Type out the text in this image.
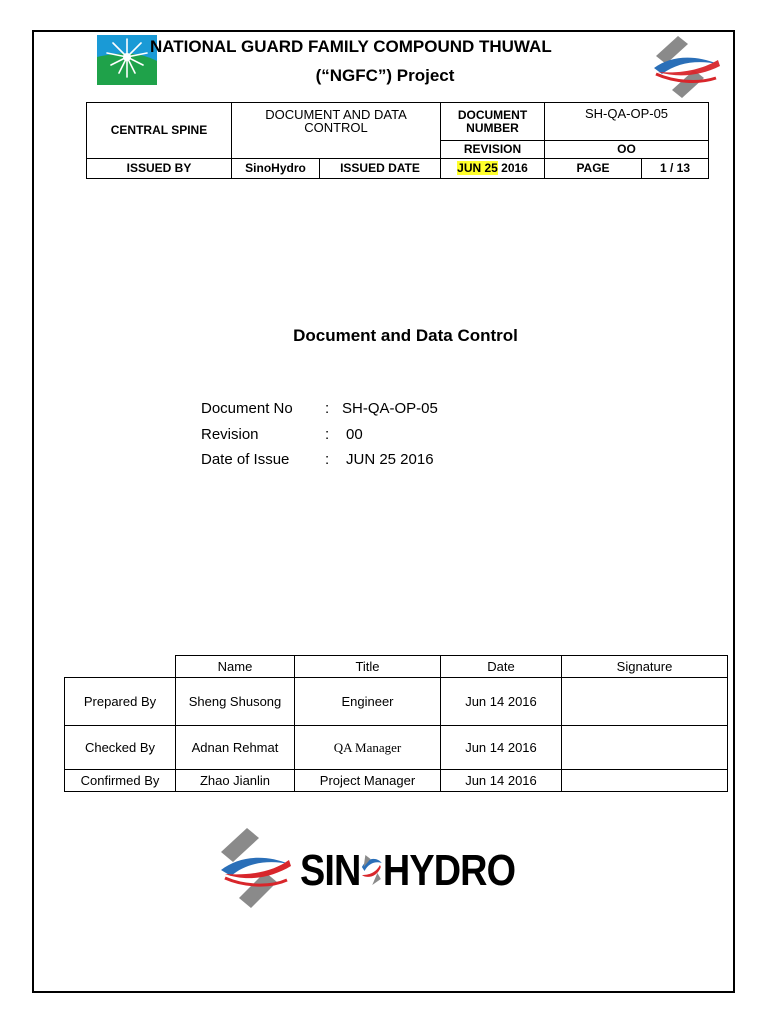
NATIONAL GUARD FAMILY COMPOUND THUWAL
(“NGFC”) Project
CENTRAL SPINE	DOCUMENT AND DATA CONTROL		DOCUMENT NUMBER	SH-QA-OP-05	
			REVISION	OO	
ISSUED BY	SinoHydro	ISSUED DATE	JUN 25 2016	PAGE	1 / 13
Document and Data Control
Document No : SH-QA-OP-05
Revision	: 00
Date of Issue : JUN 25 2016
	Name	Title	Date	Signature
Prepared By	Sheng Shusong	Engineer	Jun 14 2016	
Checked By	Adnan Rehmat	QA Manager	Jun 14 2016	
Confirmed By	Zhao Jianlin	Project Manager	Jun 14 2016	
SIN HYDRO
